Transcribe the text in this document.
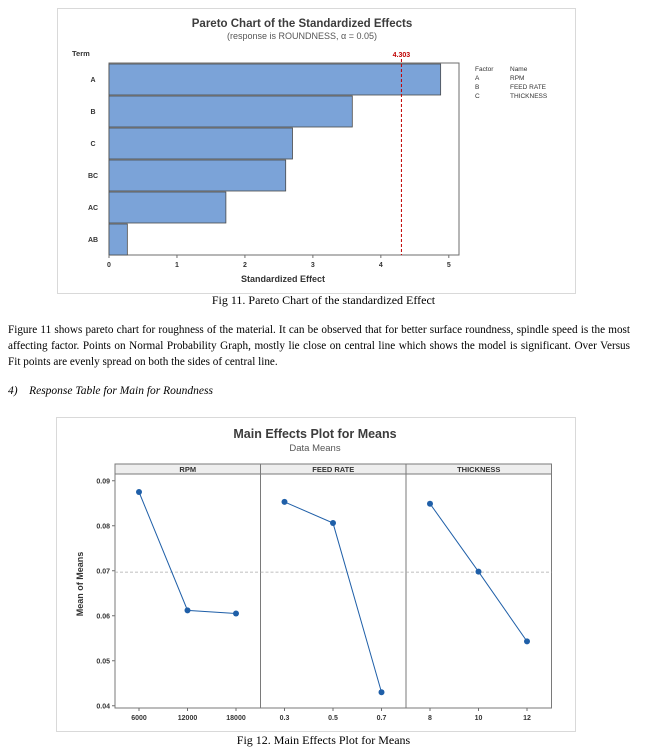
Pareto Chart of the Standardized Effects
(response is ROUNDNESS, α = 0.05)
Term
Standardized Effect
A
B
C
BC
AC
AB
0	1	2	3	4	5
4.303
Factor	Name
A	RPM
B	FEED RATE
C	THICKNESS
Fig 11. Pareto Chart of the standardized Effect

Figure 11 shows pareto chart for roughness of the material. It can be observed that for better surface roundness, spindle speed is the most affecting factor. Points on Normal Probability Graph, mostly lie close on central line which shows the model is significant. Over Versus Fit points are evenly spread on both the sides of central line.

4)  Response Table for Main for Roundness
Main Effects Plot for Means
Data Means
Mean of Means
0.04
0.05
0.06
0.07
0.08
0.09
RPM
6000	12000	18000
FEED RATE
0.3	0.5	0.7
THICKNESS
8	10	12
Fig 12. Main Effects Plot for Means
